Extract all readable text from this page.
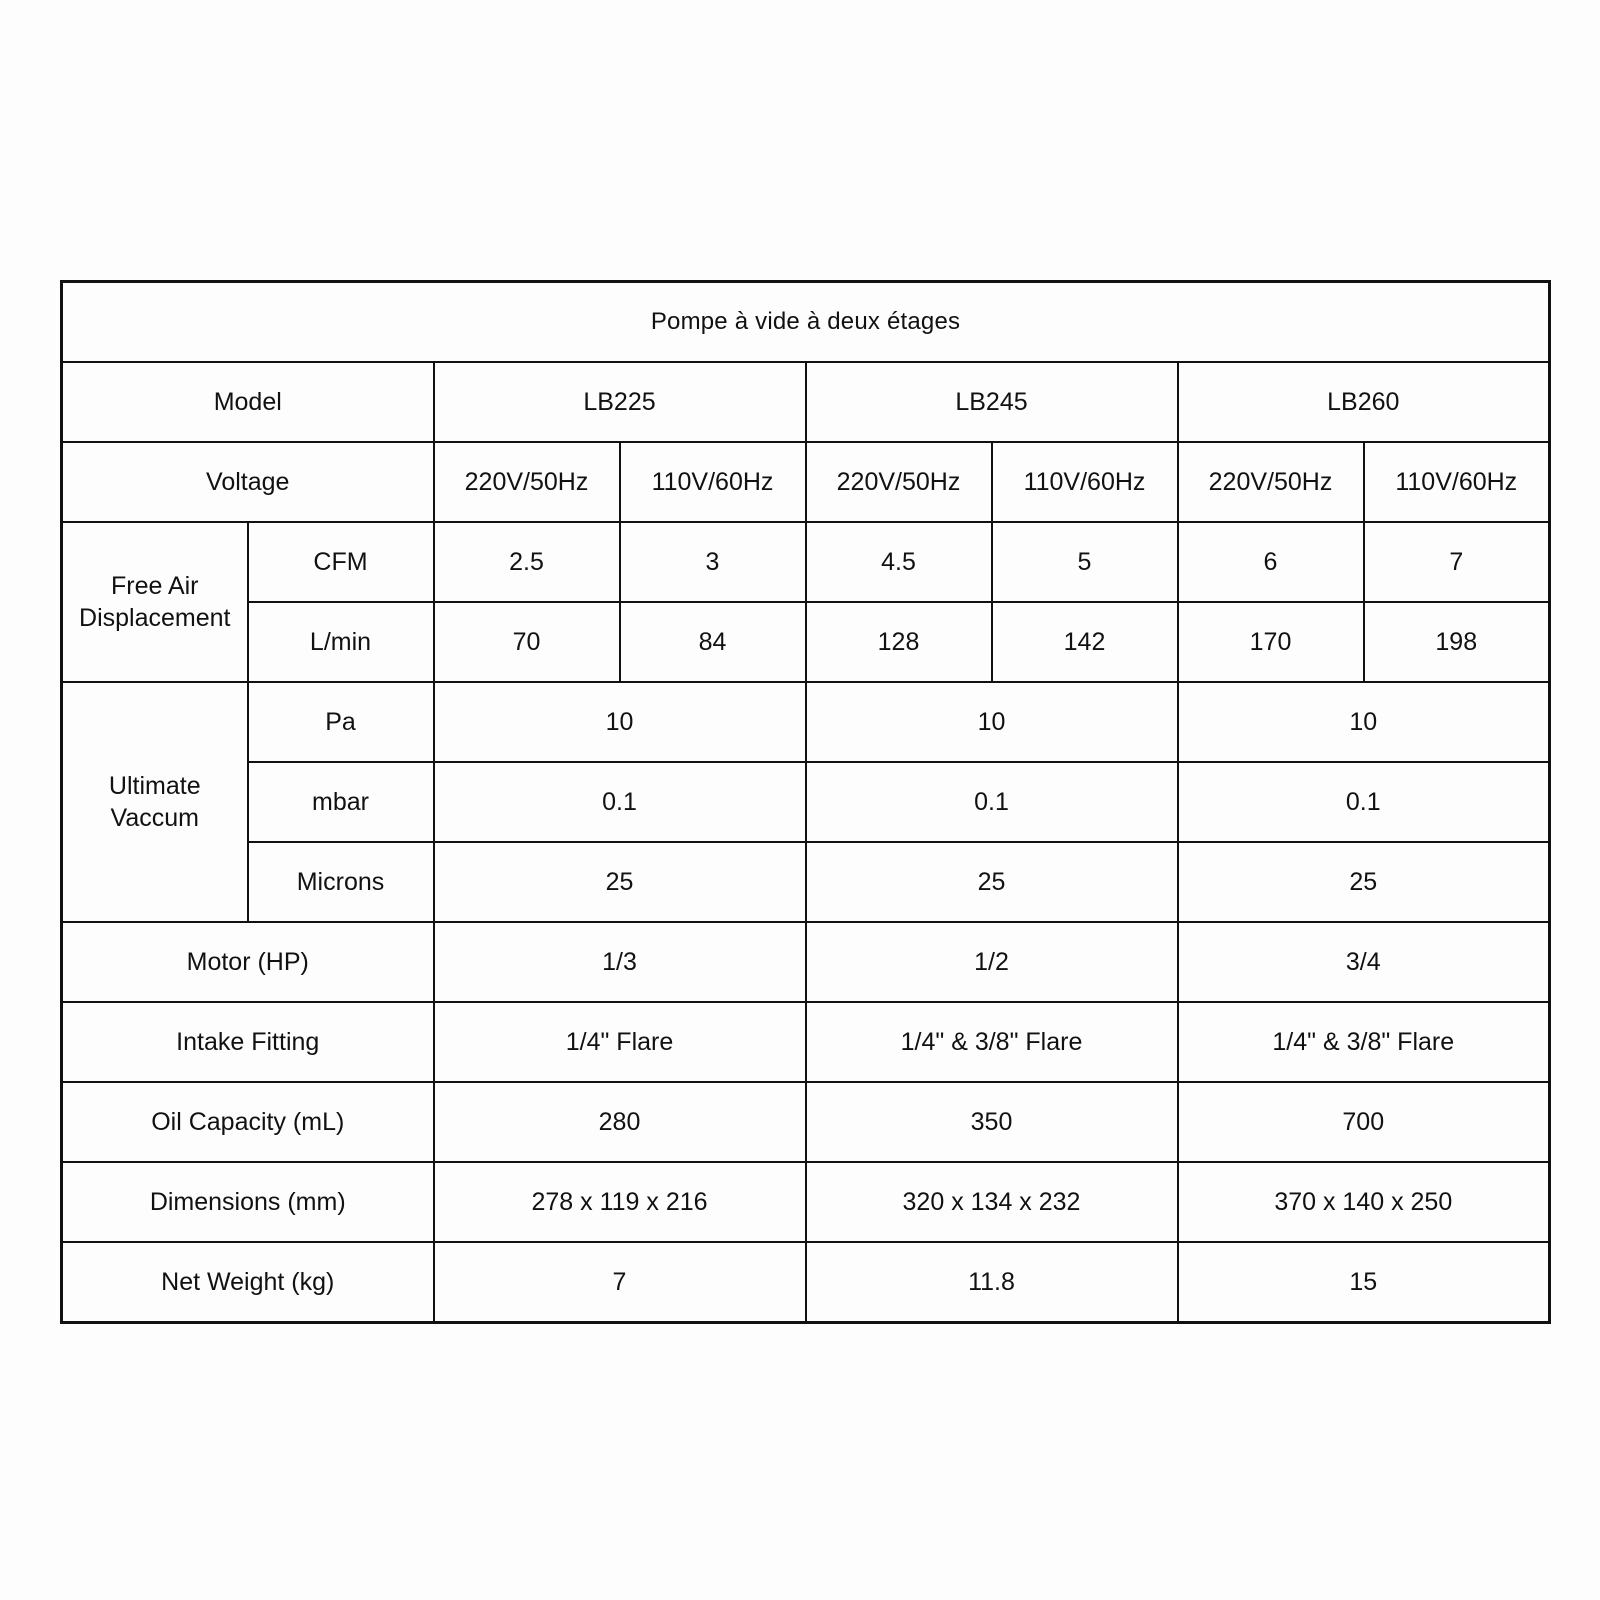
Pompe à vide à deux étages							
Model		LB225		LB245		LB260	
Voltage		220V/50Hz	110V/60Hz	220V/50Hz	110V/60Hz	220V/50Hz	110V/60Hz
Free Air
Displacement	CFM	2.5	3	4.5	5	6	7
	L/min	70	84	128	142	170	198
Ultimate
Vaccum	Pa	10		10		10	
	mbar	0.1		0.1		0.1	
	Microns	25		25		25	
Motor (HP)		1/3		1/2		3/4	
Intake Fitting		1/4" Flare		1/4" & 3/8" Flare		1/4" & 3/8" Flare	
Oil Capacity (mL)		280		350		700	
Dimensions (mm)		278 x 119 x 216		320 x 134 x 232		370 x 140 x 250	
Net Weight (kg)		7		11.8		15	
